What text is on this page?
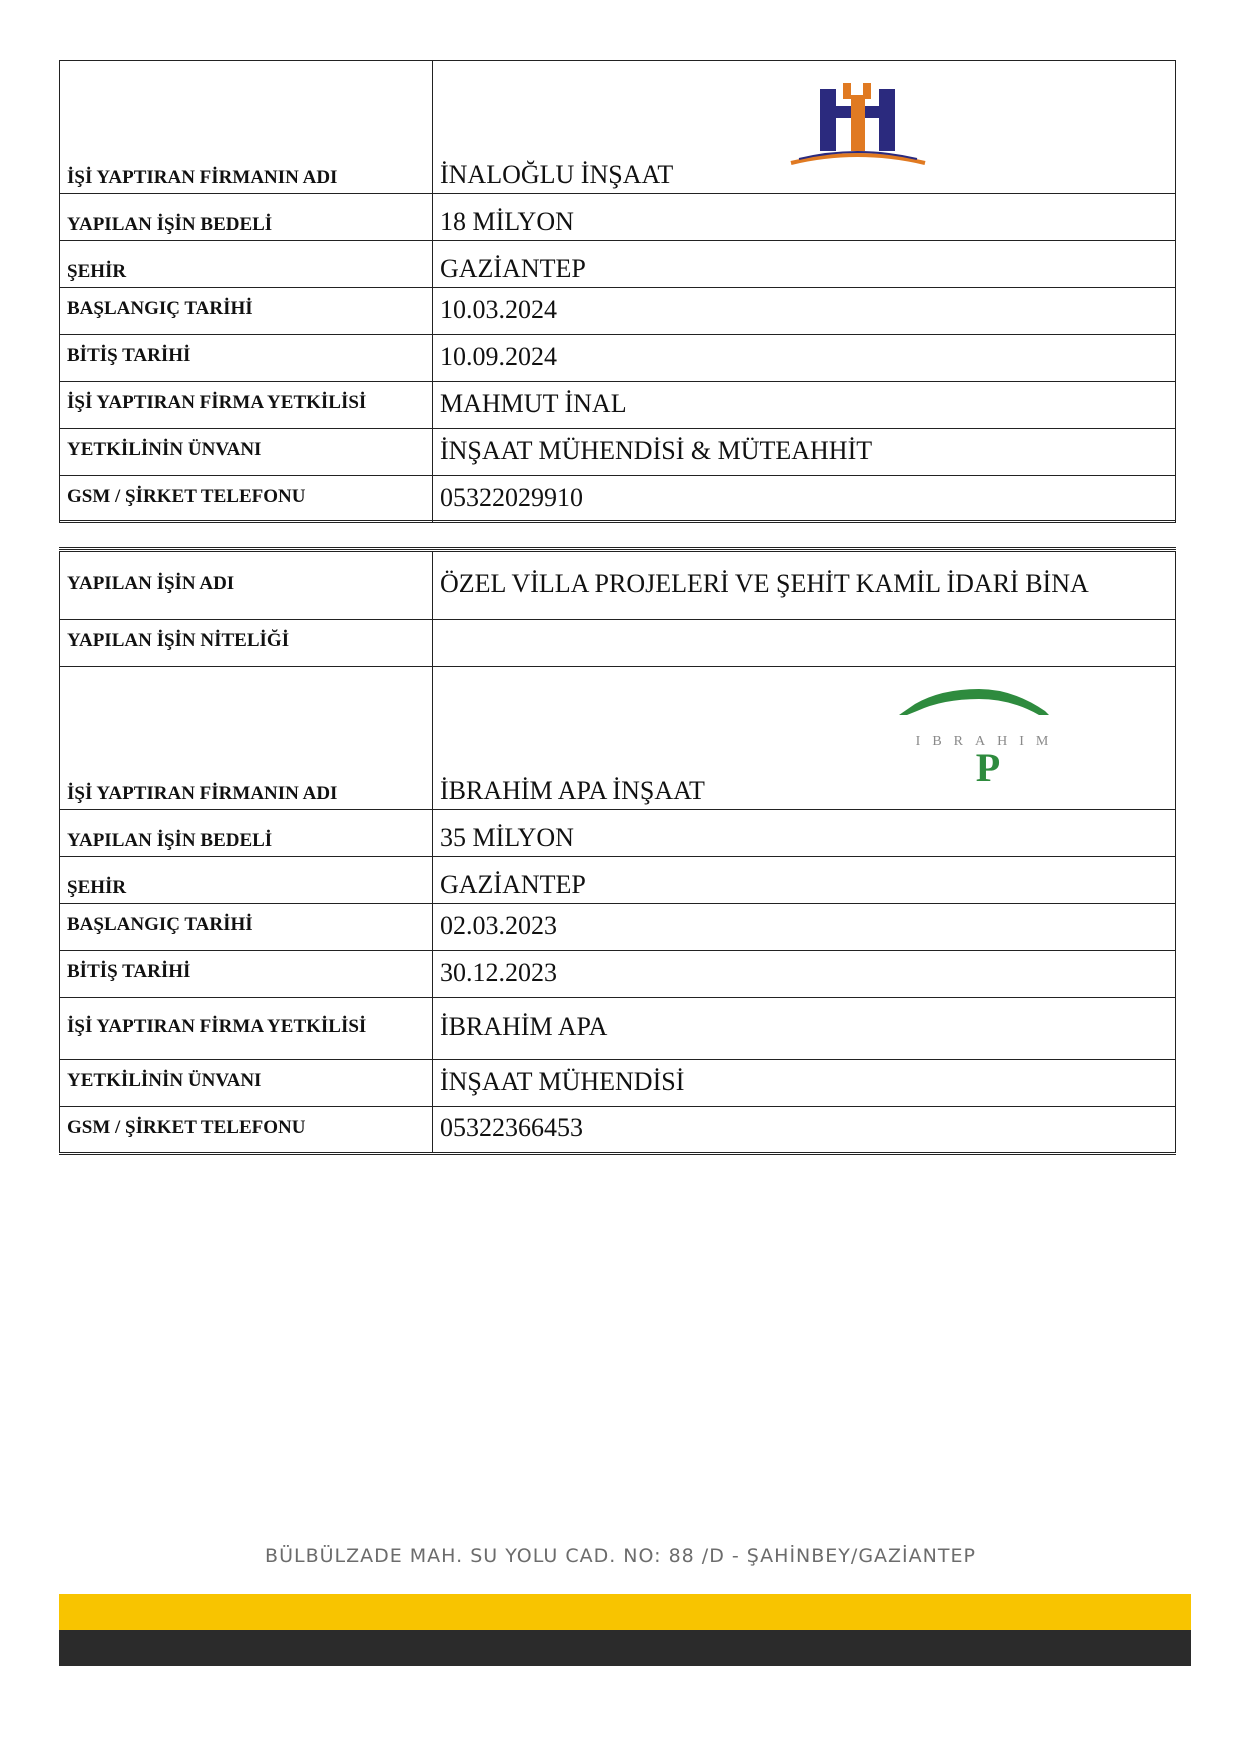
İŞİ YAPTIRAN FİRMANIN ADI	İNALOĞLU İNŞAAT

YAPILAN İŞİN BEDELİ	18 MİLYON
ŞEHİR	GAZİANTEP
BAŞLANGIÇ TARİHİ	10.03.2024
BİTİŞ TARİHİ	10.09.2024
İŞİ YAPTIRAN FİRMA YETKİLİSİ	MAHMUT İNAL
YETKİLİNİN ÜNVANI	İNŞAAT MÜHENDİSİ & MÜTEAHHİT
GSM / ŞİRKET TELEFONU	05322029910
YAPILAN İŞİN ADI	ÖZEL VİLLA PROJELERİ VE ŞEHİT KAMİL İDARİ BİNA
YAPILAN İŞİN NİTELİĞİ	
İŞİ YAPTIRAN FİRMANIN ADI	İBRAHİM APA İNŞAAT
IBRAHIM
P

YAPILAN İŞİN BEDELİ	35 MİLYON
ŞEHİR	GAZİANTEP
BAŞLANGIÇ TARİHİ	02.03.2023
BİTİŞ TARİHİ	30.12.2023
İŞİ YAPTIRAN FİRMA YETKİLİSİ	İBRAHİM APA
YETKİLİNİN ÜNVANI	İNŞAAT MÜHENDİSİ
GSM / ŞİRKET TELEFONU	05322366453
BÜLBÜLZADE MAH. SU YOLU CAD. NO: 88 /D - ŞAHİNBEY/GAZİANTEP
